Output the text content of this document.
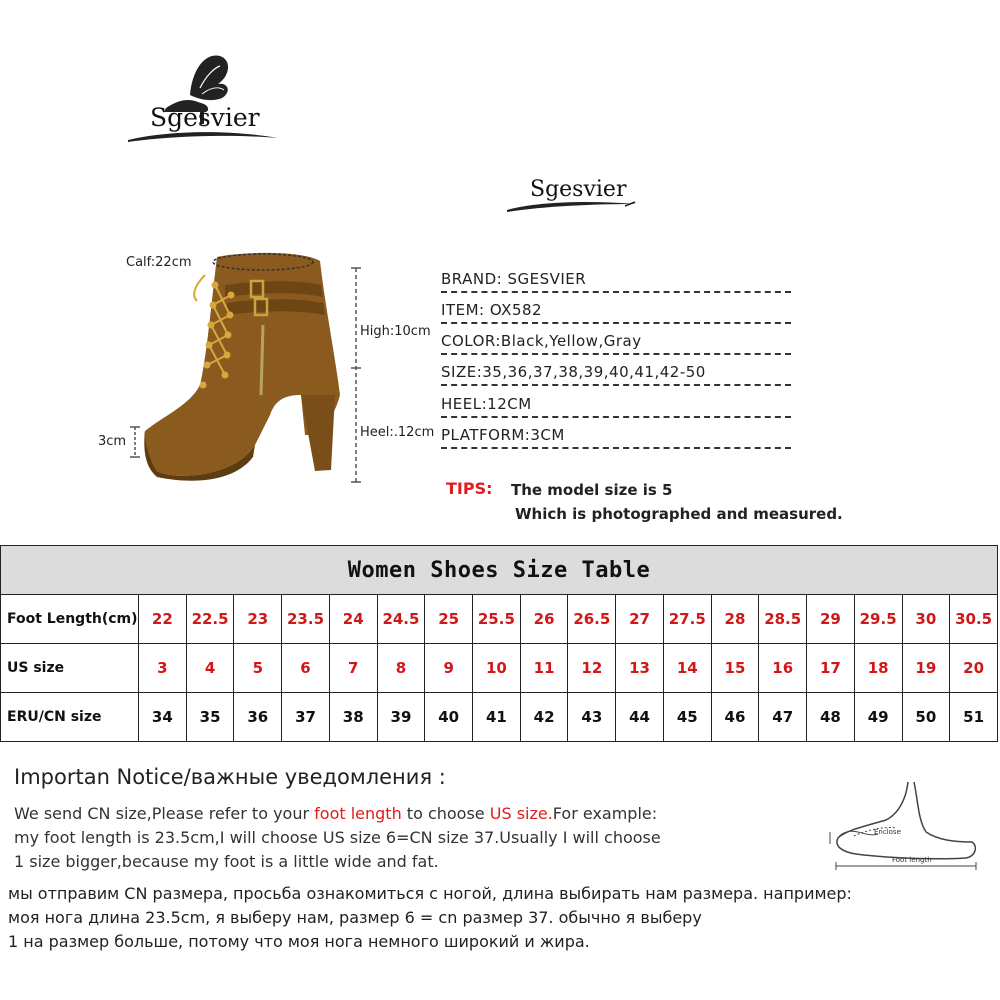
Sgesvier
Sgesvier
Calf:22cm
High:10cm
Heel:.12cm
3cm
BRAND: SGESVIER
ITEM: OX582
COLOR:Black,Yellow,Gray
SIZE:35,36,37,38,39,40,41,42-50
HEEL:12CM
PLATFORM:3CM
TIPS: The model size is 5
Which is photographed and measured.
Women Shoes Size Table																		
Foot Length(cm)	22	22.5	23	23.5	24	24.5	25	25.5	26	26.5	27	27.5	28	28.5	29	29.5	30	30.5
US size	3	4	5	6	7	8	9	10	11	12	13	14	15	16	17	18	19	20
ERU/CN size	34	35	36	37	38	39	40	41	42	43	44	45	46	47	48	49	50	51
Importan Notice/важные уведомления :
We send CN size,Please refer to your foot length to choose US size.For example:
my foot length is 23.5cm,I will choose US size 6=CN size 37.Usually I will choose
1 size bigger,because my foot is a little wide and fat.
мы отправим CN размера, просьба ознакомиться с ногой, длина выбирать нам размера. например:
моя нога длина 23.5cm, я выберу нам, размер 6 = cn размер 37. обычно я выберу
1 на размер больше, потому что моя нога немного широкий и жира.
Enclose
Foot length
